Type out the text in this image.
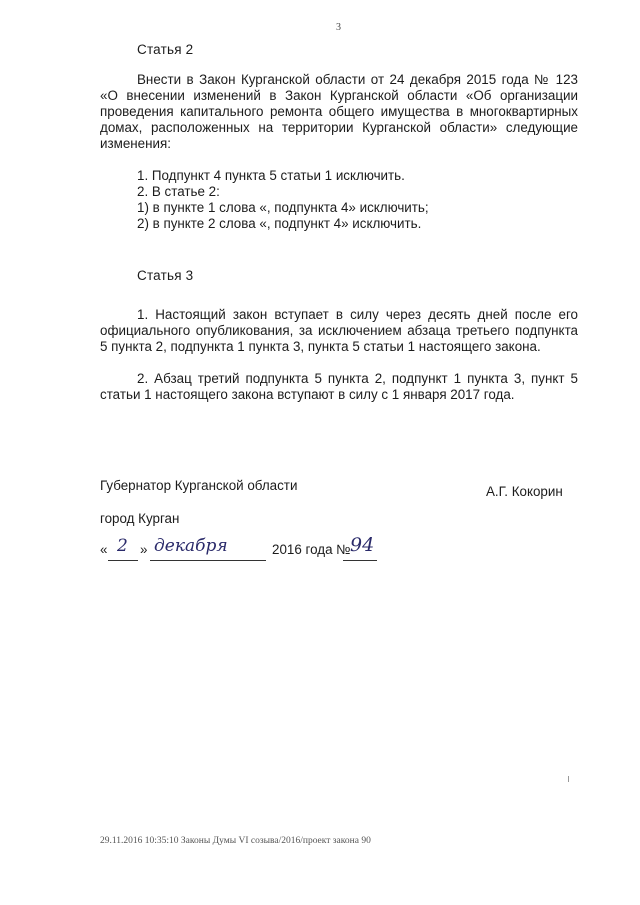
3
Статья 2
Внести в Закон Курганской области от 24 декабря 2015 года № 123 «О внесении изменений в Закон Курганской области «Об организации проведения капитального ремонта общего имущества в многоквартирных домах, расположенных на территории Курганской области» следующие изменения:
1. Подпункт 4 пункта 5 статьи 1 исключить.
2. В статье 2:
1) в пункте 1 слова «, подпункта 4» исключить;
2) в пункте 2 слова «, подпункт 4» исключить.
Статья 3
1. Настоящий закон вступает в силу через десять дней после его официального опубликования, за исключением абзаца третьего подпункта 5 пункта 2, подпункта 1 пункта 3, пункта 5 статьи 1 настоящего закона.
2. Абзац третий подпункта 5 пункта 2, подпункт 1 пункта 3, пункт 5 статьи 1 настоящего закона вступают в силу с 1 января 2017 года.
Губернатор Курганской области	А.Г. Кокорин
город Курган
« 2 » декабря	2016 года № 94
29.11.2016 10:35:10 Законы Думы VI созыва/2016/проект закона 90
